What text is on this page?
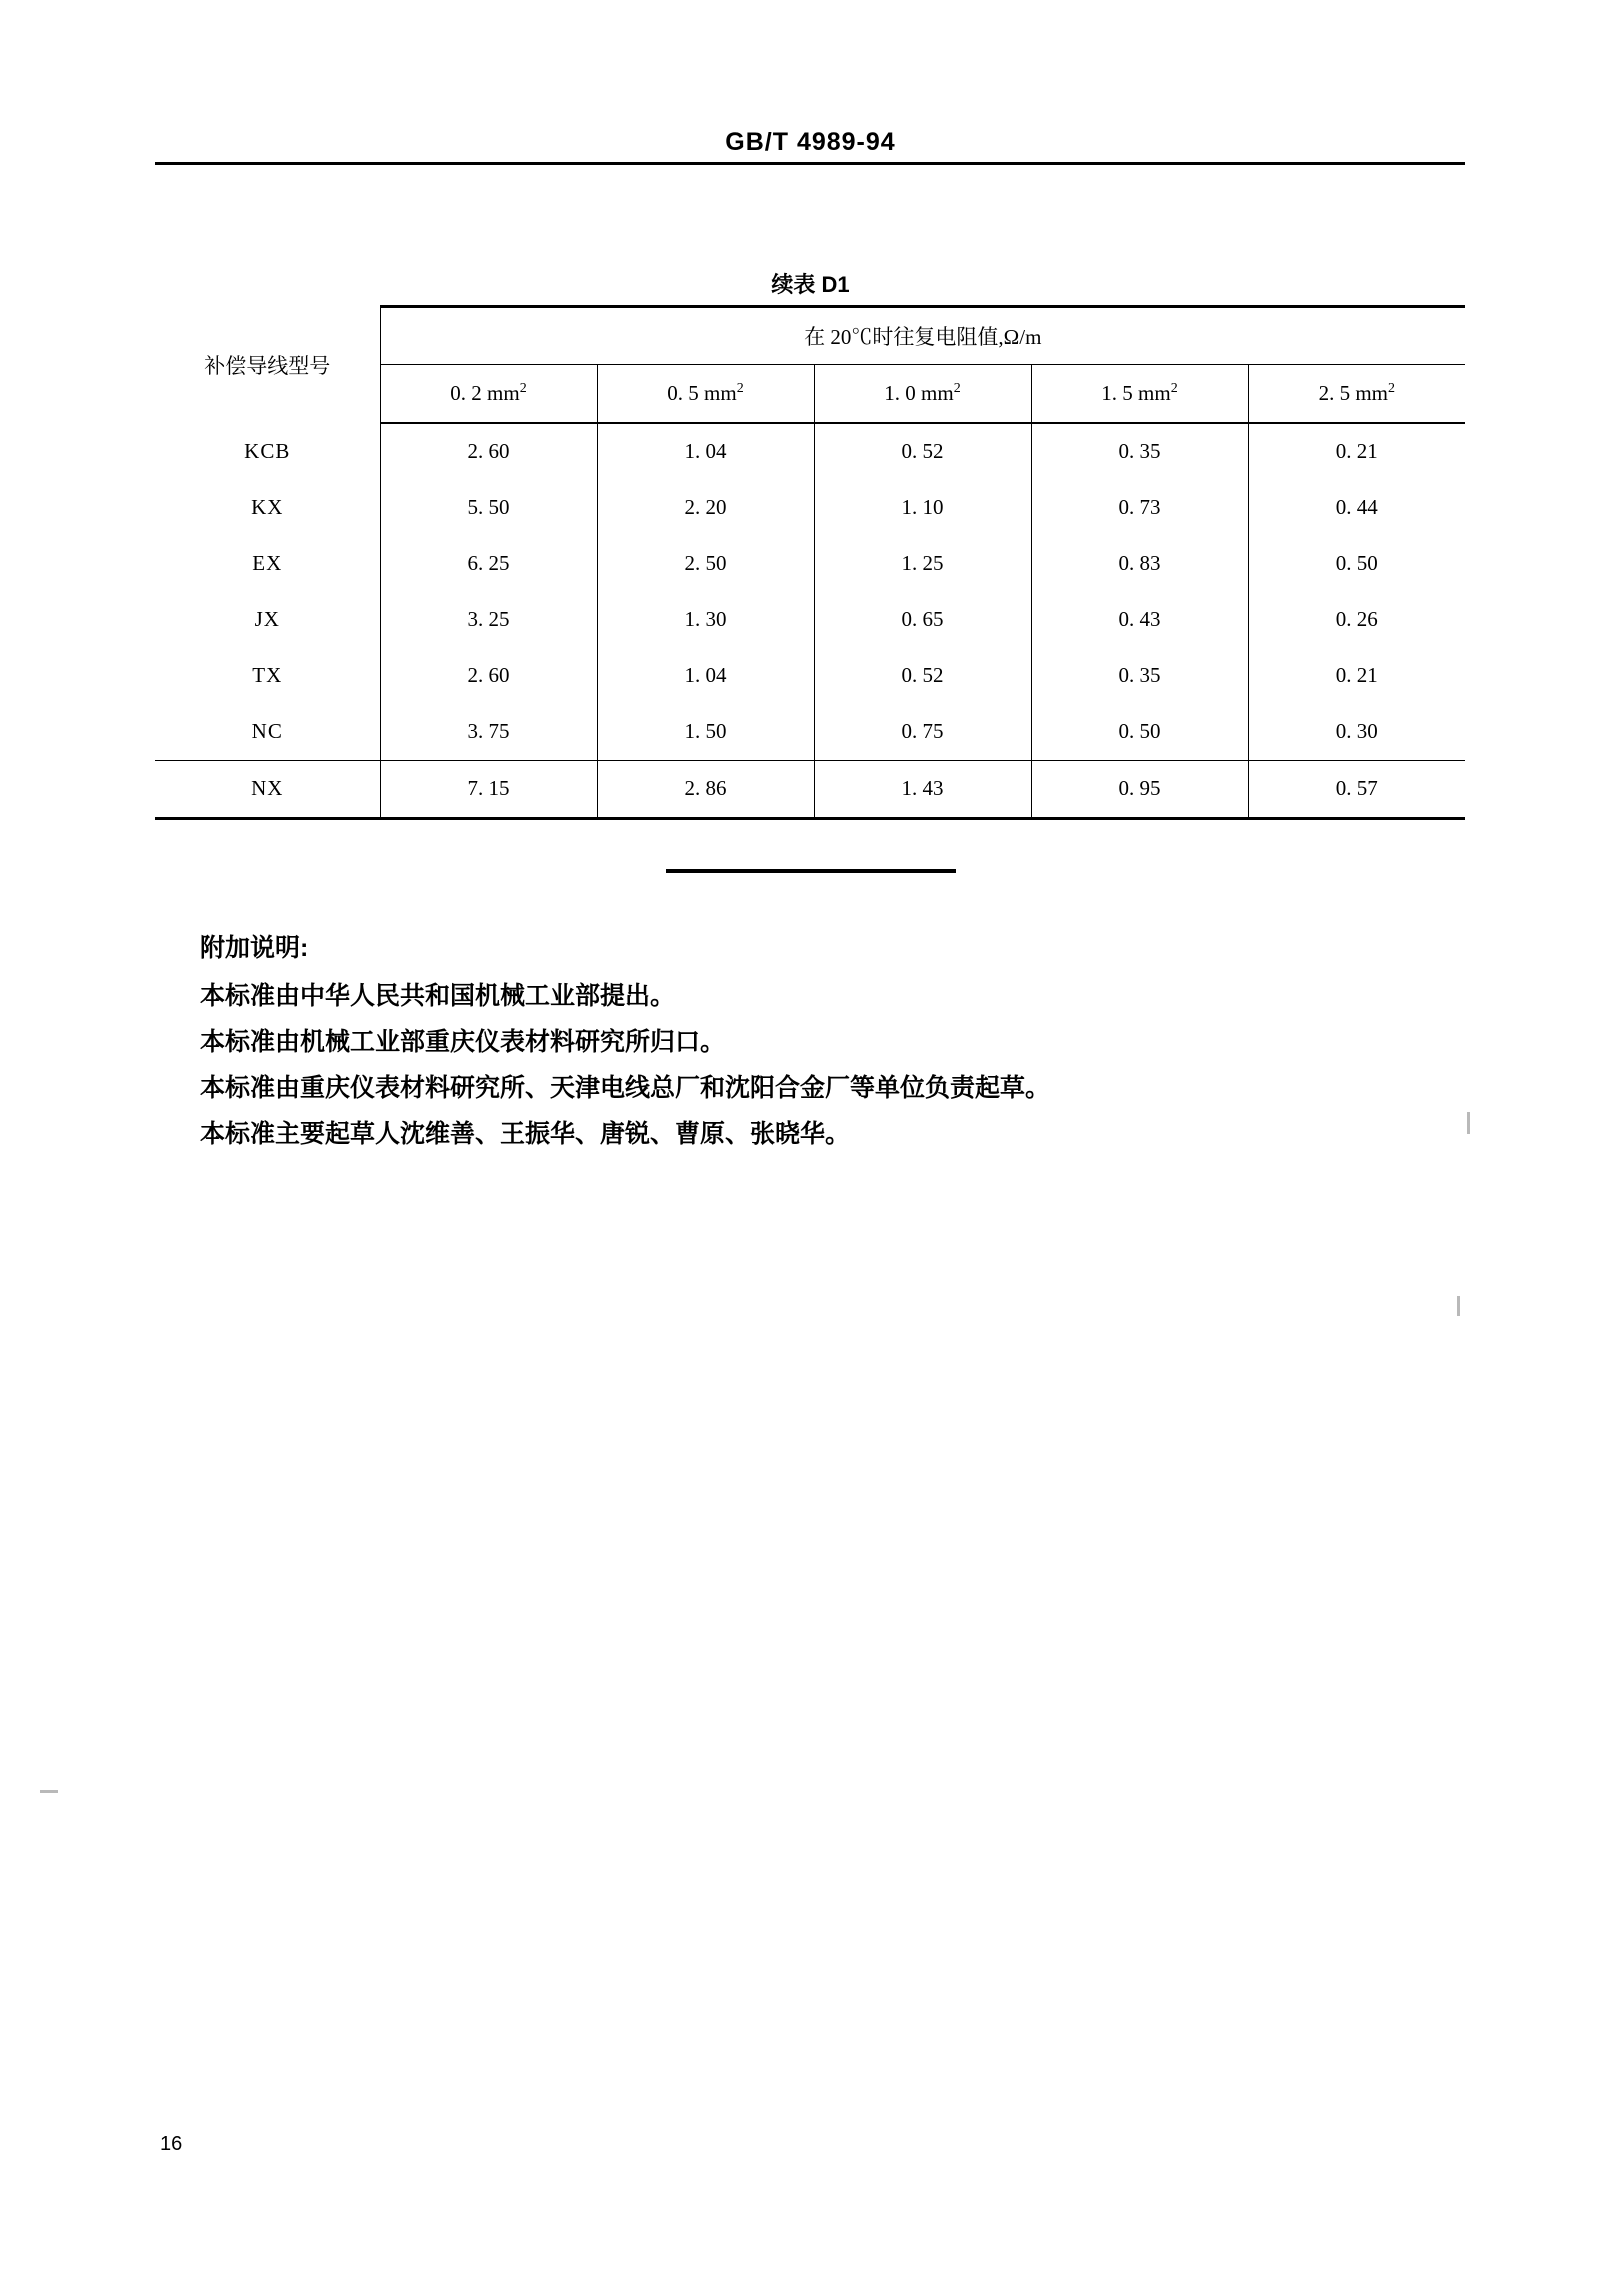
GB/T 4989-94
续表 D1
补偿导线型号	在 20℃时往复电阻值,Ω/m				
	0. 2 $mm^2$	0. 5 $mm^2$	1. 0 $mm^2$	1. 5 $mm^2$	2. 5 $mm^2$
KCB	2. 60	1. 04	0. 52	0. 35	0. 21
KX	5. 50	2. 20	1. 10	0. 73	0. 44
EX	6. 25	2. 50	1. 25	0. 83	0. 50
JX	3. 25	1. 30	0. 65	0. 43	0. 26
TX	2. 60	1. 04	0. 52	0. 35	0. 21
NC	3. 75	1. 50	0. 75	0. 50	0. 30
NX	7. 15	2. 86	1. 43	0. 95	0. 57
附加说明:
本标准由中华人民共和国机械工业部提出。
本标准由机械工业部重庆仪表材料研究所归口。
本标准由重庆仪表材料研究所、天津电线总厂和沈阳合金厂等单位负责起草。
本标准主要起草人沈维善、王振华、唐锐、曹原、张晓华。
16
